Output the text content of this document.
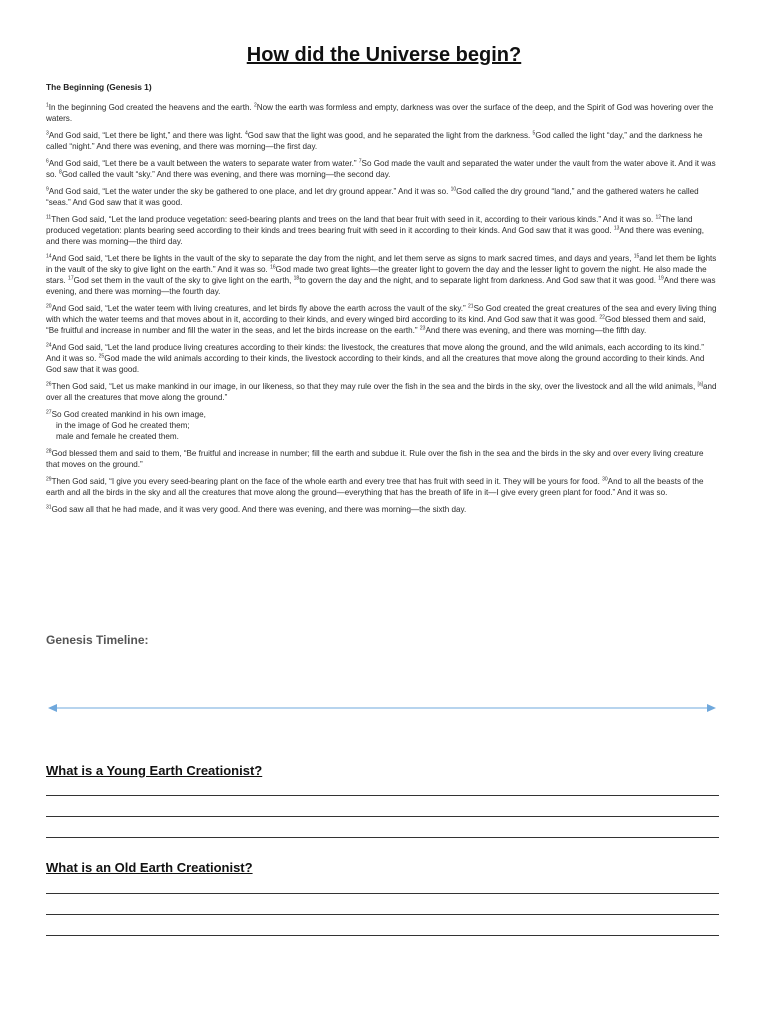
How did the Universe begin?
The Beginning (Genesis 1)

$^1$In the beginning God created the heavens and the earth. $^2$Now the earth was formless and empty, darkness was over the surface of the deep, and the Spirit of God was hovering over the waters.

$^3$And God said, “Let there be light,” and there was light. $^4$God saw that the light was good, and he separated the light from the darkness. $^5$God called the light “day,” and the darkness he called “night.” And there was evening, and there was morning—the first day.

$^6$And God said, “Let there be a vault between the waters to separate water from water.” $^7$So God made the vault and separated the water under the vault from the water above it. And it was so. $^8$God called the vault “sky.” And there was evening, and there was morning—the second day.

$^9$And God said, “Let the water under the sky be gathered to one place, and let dry ground appear.” And it was so. $^{10}$God called the dry ground “land,” and the gathered waters he called “seas.” And God saw that it was good.

$^{11}$Then God said, “Let the land produce vegetation: seed-bearing plants and trees on the land that bear fruit with seed in it, according to their various kinds.” And it was so. $^{12}$The land produced vegetation: plants bearing seed according to their kinds and trees bearing fruit with seed in it according to their kinds. And God saw that it was good. $^{13}$And there was evening, and there was morning—the third day.

$^{14}$And God said, “Let there be lights in the vault of the sky to separate the day from the night, and let them serve as signs to mark sacred times, and days and years, $^{15}$and let them be lights in the vault of the sky to give light on the earth.” And it was so. $^{16}$God made two great lights—the greater light to govern the day and the lesser light to govern the night. He also made the stars. $^{17}$God set them in the vault of the sky to give light on the earth, $^{18}$to govern the day and the night, and to separate light from darkness. And God saw that it was good. $^{19}$And there was evening, and there was morning—the fourth day.

$^{20}$And God said, “Let the water teem with living creatures, and let birds fly above the earth across the vault of the sky.” $^{21}$So God created the great creatures of the sea and every living thing with which the water teems and that moves about in it, according to their kinds, and every winged bird according to its kind. And God saw that it was good. $^{22}$God blessed them and said, “Be fruitful and increase in number and fill the water in the seas, and let the birds increase on the earth.” $^{23}$And there was evening, and there was morning—the fifth day.

$^{24}$And God said, “Let the land produce living creatures according to their kinds: the livestock, the creatures that move along the ground, and the wild animals, each according to its kind.” And it was so. $^{25}$God made the wild animals according to their kinds, the livestock according to their kinds, and all the creatures that move along the ground according to their kinds. And God saw that it was good.

$^{26}$Then God said, “Let us make mankind in our image, in our likeness, so that they may rule over the fish in the sea and the birds in the sky, over the livestock and all the wild animals, [a]and over all the creatures that move along the ground.”

$^{27}$So God created mankind in his own image,
in the image of God he created them;
male and female he created them.

$^{28}$God blessed them and said to them, “Be fruitful and increase in number; fill the earth and subdue it. Rule over the fish in the sea and the birds in the sky and over every living creature that moves on the ground.”

$^{29}$Then God said, “I give you every seed-bearing plant on the face of the whole earth and every tree that has fruit with seed in it. They will be yours for food. $^{30}$And to all the beasts of the earth and all the birds in the sky and all the creatures that move along the ground—everything that has the breath of life in it—I give every green plant for food.” And it was so.

$^{31}$God saw all that he had made, and it was very good. And there was evening, and there was morning—the sixth day.

Genesis Timeline:
What is a Young Earth Creationist?
What is an Old Earth Creationist?
